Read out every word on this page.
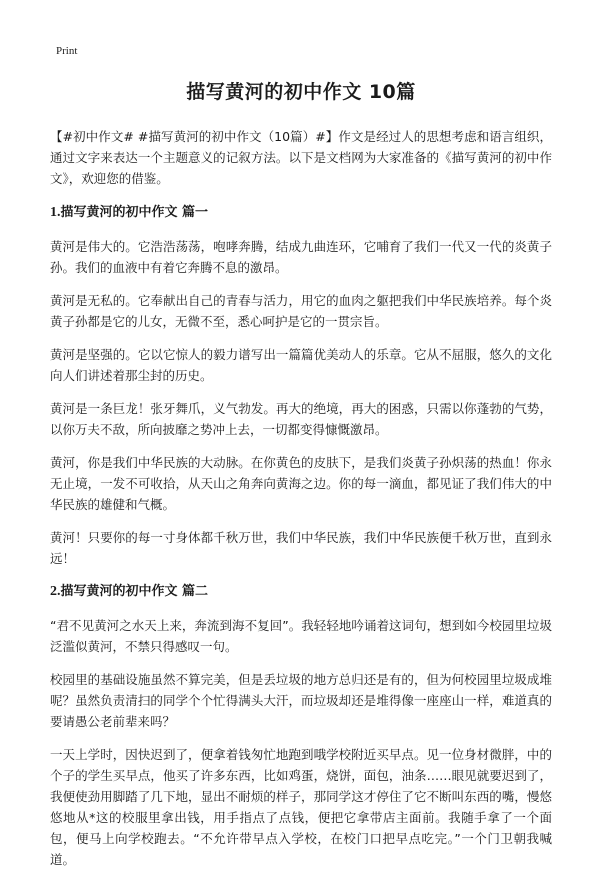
Print
描写黄河的初中作文 10篇

【#初中作文# #描写黄河的初中作文（10篇）#】作文是经过人的思想考虑和语言组织，通过文字来表达一个主题意义的记叙方法。以下是文档网为大家准备的《描写黄河的初中作文》，欢迎您的借鉴。

1.描写黄河的初中作文 篇一

黄河是伟大的。它浩浩荡荡，咆哮奔腾，结成九曲连环，它哺育了我们一代又一代的炎黄子孙。我们的血液中有着它奔腾不息的激昂。

黄河是无私的。它奉献出自己的青春与活力，用它的血肉之躯把我们中华民族培养。每个炎黄子孙都是它的儿女，无微不至，悉心呵护是它的一贯宗旨。

黄河是坚强的。它以它惊人的毅力谱写出一篇篇优美动人的乐章。它从不屈服，悠久的文化向人们讲述着那尘封的历史。

黄河是一条巨龙！张牙舞爪，义气勃发。再大的绝境，再大的困惑，只需以你蓬勃的气势，以你万夫不敌，所向披靡之势冲上去，一切都变得慷慨激昂。

黄河，你是我们中华民族的大动脉。在你黄色的皮肤下，是我们炎黄子孙炽荡的热血！你永无止境，一发不可收拾，从天山之角奔向黄海之边。你的每一滴血，都见证了我们伟大的中华民族的雄健和气概。

黄河！只要你的每一寸身体都千秋万世，我们中华民族，我们中华民族便千秋万世，直到永远！

2.描写黄河的初中作文 篇二

“君不见黄河之水天上来，奔流到海不复回”。我轻轻地吟诵着这词句，想到如今校园里垃圾泛滥似黄河，不禁只得感叹一句。

校园里的基础设施虽然不算完美，但是丢垃圾的地方总归还是有的，但为何校园里垃圾成堆呢？虽然负责清扫的同学个个忙得满头大汗，而垃圾却还是堆得像一座座山一样，难道真的要请愚公老前辈来吗？

一天上学时，因快迟到了，便拿着钱匆忙地跑到哦学校附近买早点。见一位身材微胖，中的个子的学生买早点，他买了许多东西，比如鸡蛋，烧饼，面包，油条……眼见就要迟到了，我便使劲用脚踏了几下地，显出不耐烦的样子，那同学这才停住了它不断叫东西的嘴，慢悠悠地从*这的校服里拿出钱，用手指点了点钱，便把它拿带店主面前。我随手拿了一个面包，便马上向学校跑去。“不允许带早点入学校，在校门口把早点吃完。”一个门卫朝我喊道。
